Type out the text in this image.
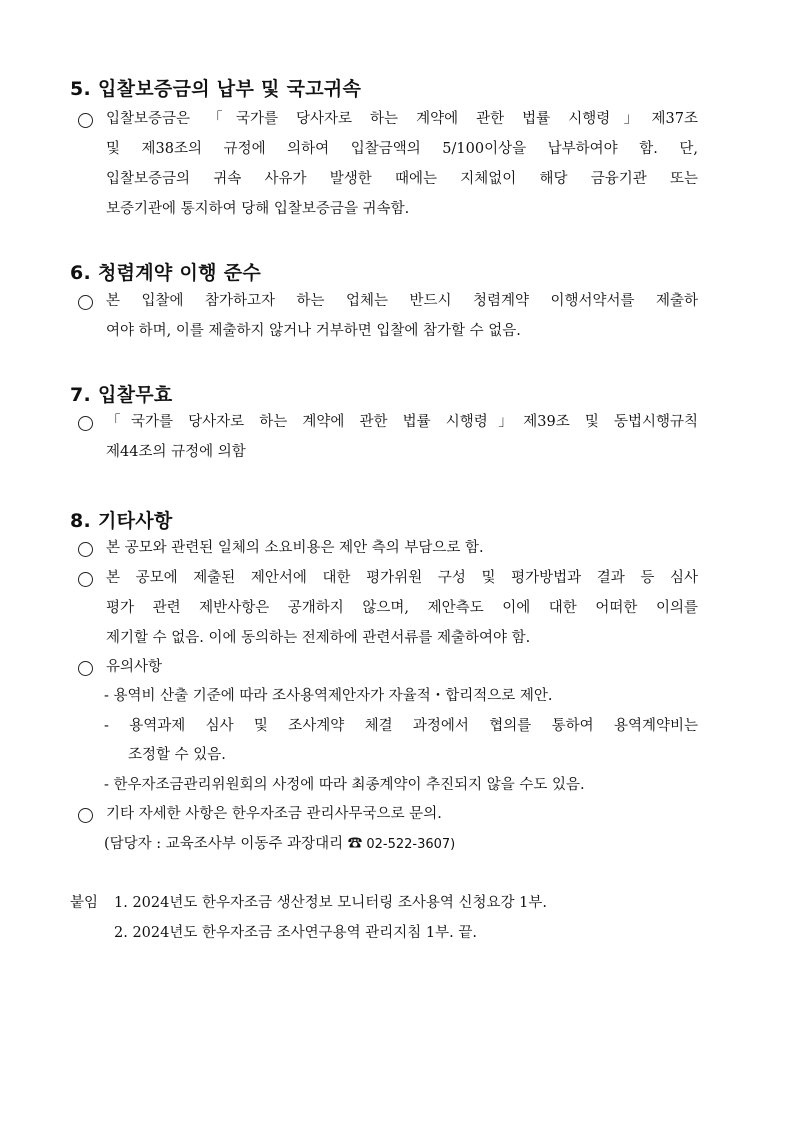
5. 입찰보증금의 납부 및 국고귀속
입찰보증금은 「국가를 당사자로 하는 계약에 관한 법률 시행령」제37조
및 제38조의 규정에 의하여 입찰금액의 5/100이상을 납부하여야 함. 단,
입찰보증금의 귀속 사유가 발생한 때에는 지체없이 해당 금융기관 또는
보증기관에 통지하여 당해 입찰보증금을 귀속함.
6. 청렴계약 이행 준수
본 입찰에 참가하고자 하는 업체는 반드시 청렴계약 이행서약서를 제출하
여야 하며, 이를 제출하지 않거나 거부하면 입찰에 참가할 수 없음.
7. 입찰무효
「국가를 당사자로 하는 계약에 관한 법률 시행령」제39조 및 동법시행규칙
제44조의 규정에 의함
8. 기타사항
본 공모와 관련된 일체의 소요비용은 제안 측의 부담으로 함.
본 공모에 제출된 제안서에 대한 평가위원 구성 및 평가방법과 결과 등 심사
평가 관련 제반사항은 공개하지 않으며, 제안측도 이에 대한 어떠한 이의를
제기할 수 없음. 이에 동의하는 전제하에 관련서류를 제출하여야 함.
유의사항
- 용역비 산출 기준에 따라 조사용역제안자가 자율적・합리적으로 제안.
- 용역과제 심사 및 조사계약 체결 과정에서 협의를 통하여 용역계약비는
조정할 수 있음.
- 한우자조금관리위원회의 사정에 따라 최종계약이 추진되지 않을 수도 있음.
기타 자세한 사항은 한우자조금 관리사무국으로 문의.
(담당자 : 교육조사부 이동주 과장대리 ☎ 02-522-3607)
붙임 1. 2024년도 한우자조금 생산정보 모니터링 조사용역 신청요강 1부.
2. 2024년도 한우자조금 조사연구용역 관리지침 1부. 끝.
